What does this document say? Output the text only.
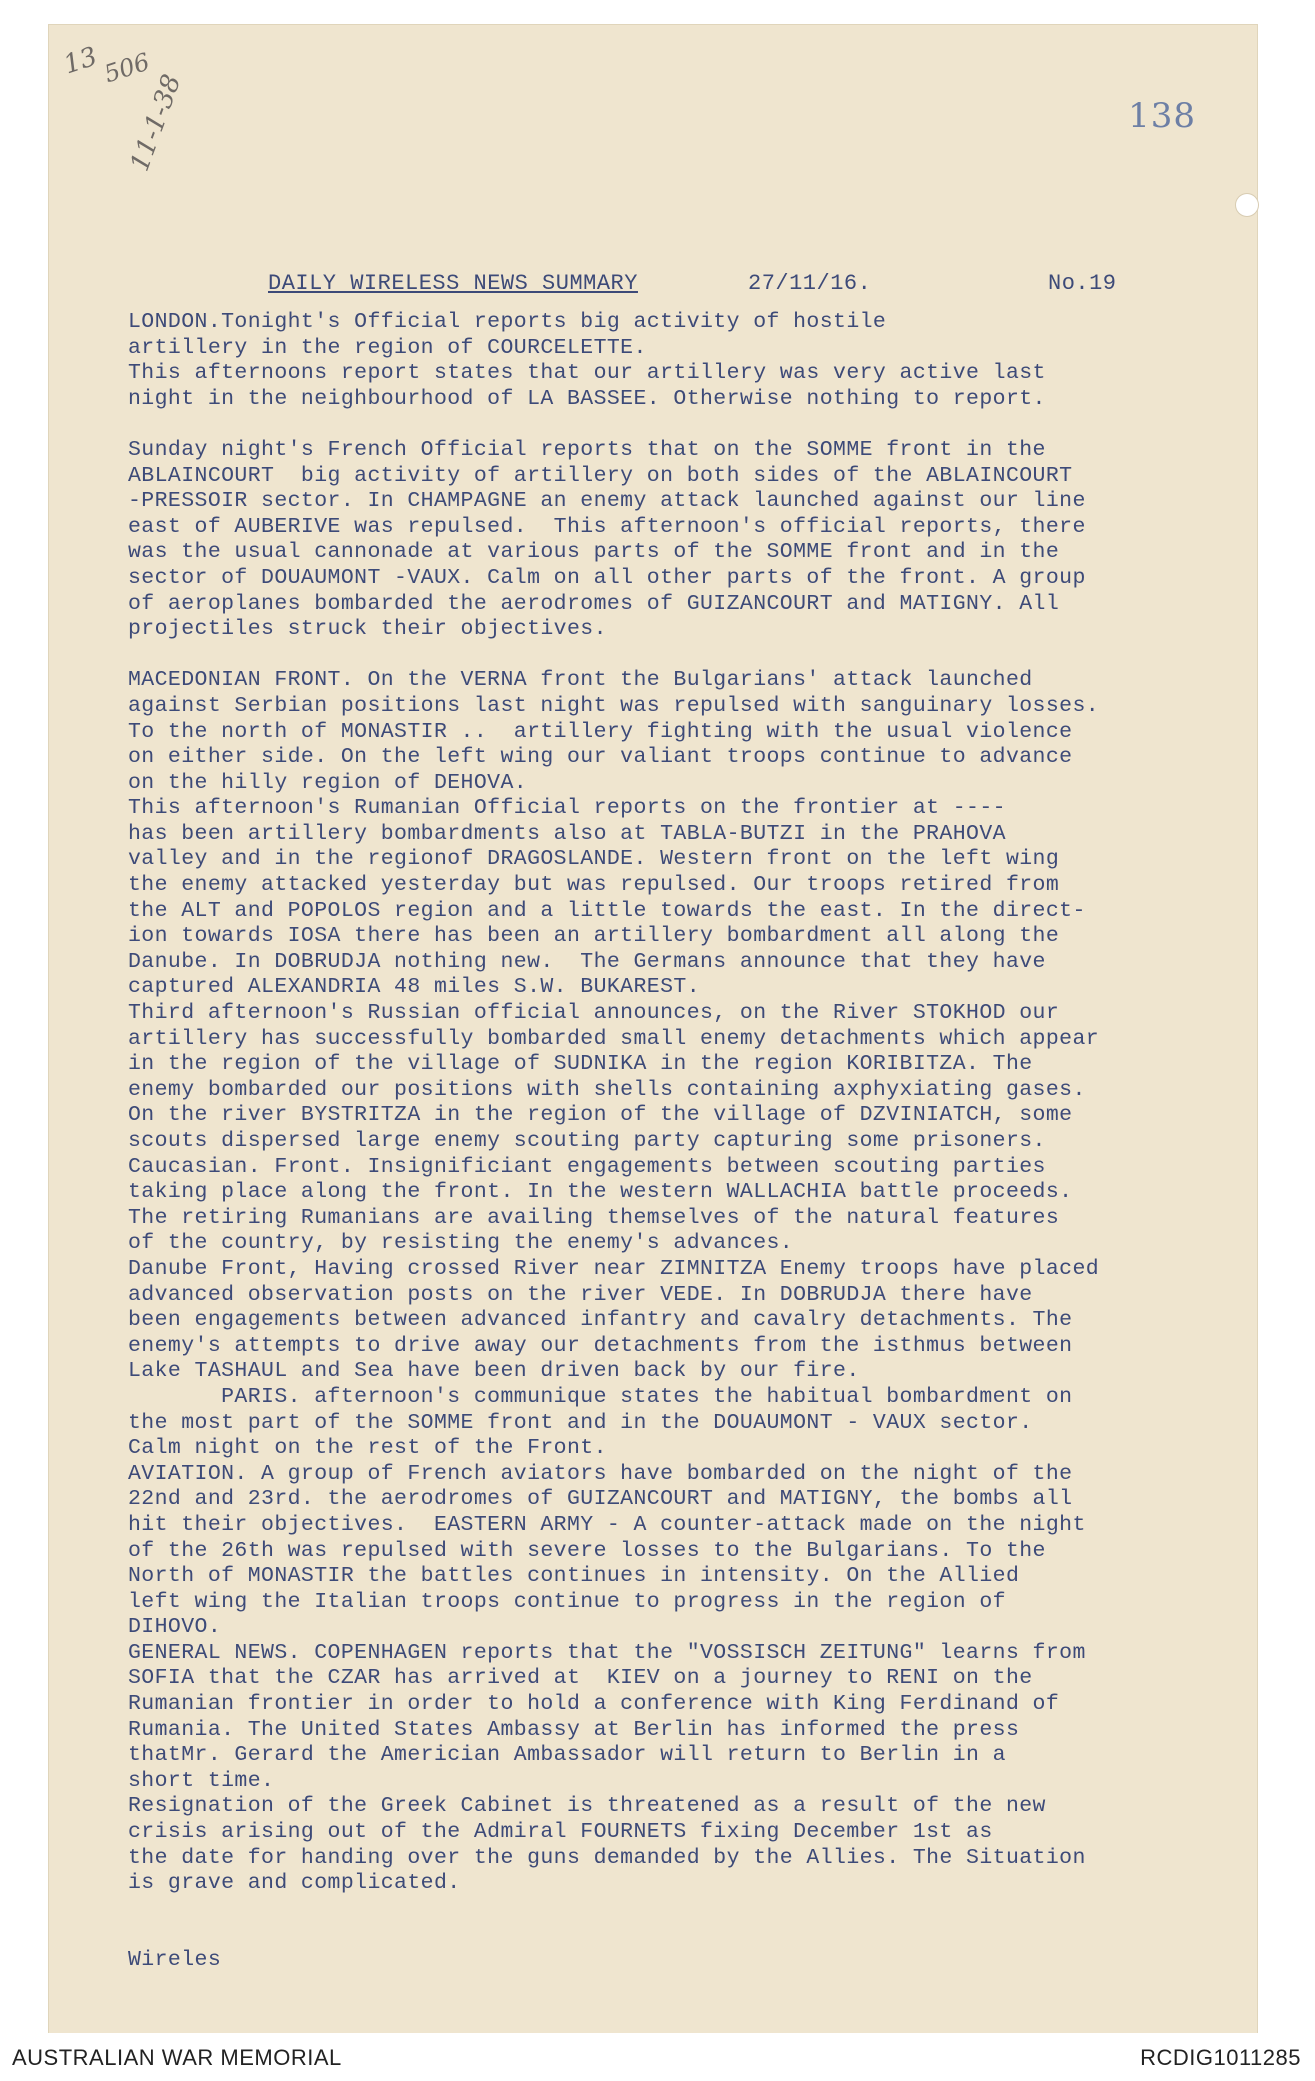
13 506
11-1-38	138
DAILY WIRELESS NEWS SUMMARY	27/11/16.	No.19
LONDON.Tonight's Official reports big activity of hostile
artillery in the region of COURCELETTE.
This afternoons report states that our artillery was very active last
night in the neighbourhood of LA BASSEE. Otherwise nothing to report.
Sunday night's French Official reports that on the SOMME front in the
ABLAINCOURT  big activity of artillery on both sides of the ABLAINCOURT
-PRESSOIR sector. In CHAMPAGNE an enemy attack launched against our line
east of AUBERIVE was repulsed.  This afternoon's official reports, there
was the usual cannonade at various parts of the SOMME front and in the
sector of DOUAUMONT -VAUX. Calm on all other parts of the front. A group
of aeroplanes bombarded the aerodromes of GUIZANCOURT and MATIGNY. All
projectiles struck their objectives.
MACEDONIAN FRONT. On the VERNA front the Bulgarians' attack launched
against Serbian positions last night was repulsed with sanguinary losses.
To the north of MONASTIR ..  artillery fighting with the usual violence
on either side. On the left wing our valiant troops continue to advance
on the hilly region of DEHOVA.
This afternoon's Rumanian Official reports on the frontier at ----
has been artillery bombardments also at TABLA-BUTZI in the PRAHOVA
valley and in the regionof DRAGOSLANDE. Western front on the left wing
the enemy attacked yesterday but was repulsed. Our troops retired from
the ALT and POPOLOS region and a little towards the east. In the direct-
ion towards IOSA there has been an artillery bombardment all along the
Danube. In DOBRUDJA nothing new.  The Germans announce that they have
captured ALEXANDRIA 48 miles S.W. BUKAREST.
Third afternoon's Russian official announces, on the River STOKHOD our
artillery has successfully bombarded small enemy detachments which appear
in the region of the village of SUDNIKA in the region KORIBITZA. The
enemy bombarded our positions with shells containing axphyxiating gases.
On the river BYSTRITZA in the region of the village of DZVINIATCH, some
scouts dispersed large enemy scouting party capturing some prisoners.
Caucasian. Front. Insignificiant engagements between scouting parties
taking place along the front. In the western WALLACHIA battle proceeds.
The retiring Rumanians are availing themselves of the natural features
of the country, by resisting the enemy's advances.
Danube Front, Having crossed River near ZIMNITZA Enemy troops have placed
advanced observation posts on the river VEDE. In DOBRUDJA there have
been engagements between advanced infantry and cavalry detachments. The
enemy's attempts to drive away our detachments from the isthmus between
Lake TASHAUL and Sea have been driven back by our fire.
PARIS. afternoon's communique states the habitual bombardment on
the most part of the SOMME front and in the DOUAUMONT - VAUX sector.
Calm night on the rest of the Front.
AVIATION. A group of French aviators have bombarded on the night of the
22nd and 23rd. the aerodromes of GUIZANCOURT and MATIGNY, the bombs all
hit their objectives.  EASTERN ARMY - A counter-attack made on the night
of the 26th was repulsed with severe losses to the Bulgarians. To the
North of MONASTIR the battles continues in intensity. On the Allied
left wing the Italian troops continue to progress in the region of
DIHOVO.
GENERAL NEWS. COPENHAGEN reports that the "VOSSISCH ZEITUNG" learns from
SOFIA that the CZAR has arrived at  KIEV on a journey to RENI on the
Rumanian frontier in order to hold a conference with King Ferdinand of
Rumania. The United States Ambassy at Berlin has informed the press
thatMr. Gerard the Americian Ambassador will return to Berlin in a
short time.
Resignation of the Greek Cabinet is threatened as a result of the new
crisis arising out of the Admiral FOURNETS fixing December 1st as
the date for handing over the guns demanded by the Allies. The Situation
is grave and complicated.
Wireles
AUSTRALIAN WAR MEMORIAL	RCDIG1011285
